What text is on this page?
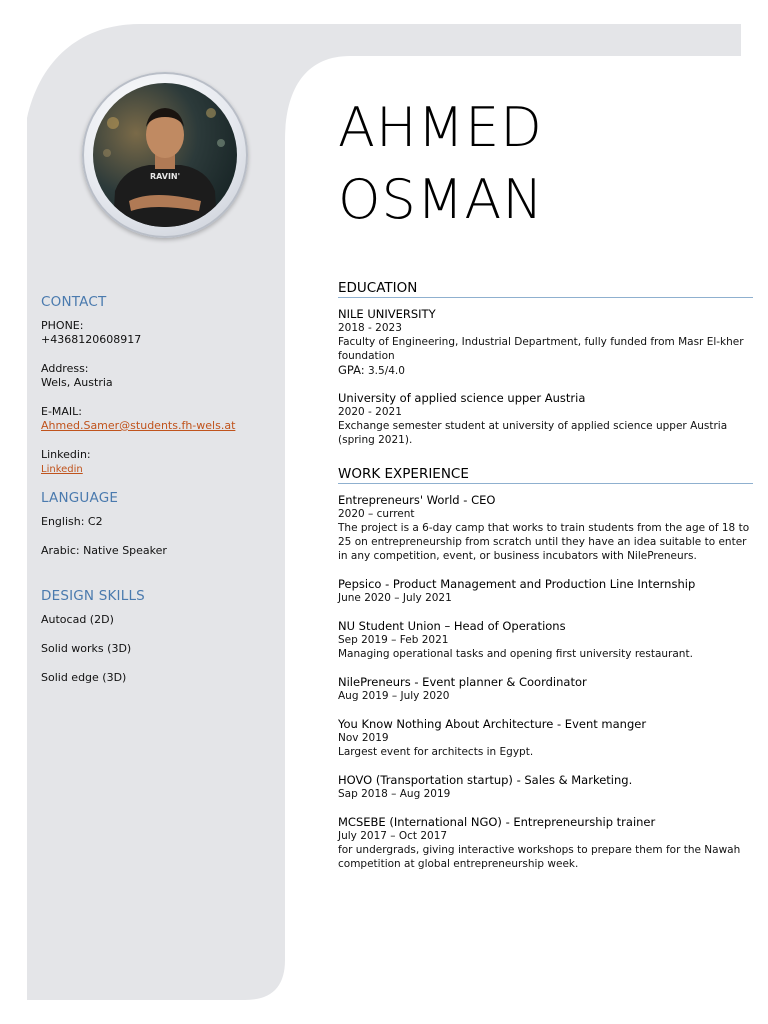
RAVIN'
AHMED
OSMAN
CONTACT

PHONE:

+4368120608917

Address:

Wels, Austria

E-MAIL:

Ahmed.Samer@students.fh-wels.at

Linkedin:

Linkedin

LANGUAGE

English: C2

Arabic: Native Speaker

DESIGN SKILLS

Autocad (2D)

Solid works (3D)

Solid edge (3D)

EDUCATION

NILE UNIVERSITY

2018 - 2023

Faculty of Engineering, Industrial Department, fully funded from Masr El-kher foundation

GPA: 3.5/4.0

University of applied science upper Austria

2020 - 2021

Exchange semester student at university of applied science upper Austria (spring 2021).

WORK EXPERIENCE

Entrepreneurs' World - CEO

2020 – current

The project is a 6-day camp that works to train students from the age of 18 to 25 on entrepreneurship from scratch until they have an idea suitable to enter in any competition, event, or business incubators with NilePreneurs.

Pepsico - Product Management and Production Line Internship

June 2020 – July 2021

NU Student Union – Head of Operations

Sep 2019 – Feb 2021

Managing operational tasks and opening first university restaurant.

NilePreneurs - Event planner & Coordinator

Aug 2019 – July 2020

You Know Nothing About Architecture - Event manger

Nov 2019

Largest event for architects in Egypt.

HOVO (Transportation startup) - Sales & Marketing.

Sap 2018 – Aug 2019

MCSEBE (International NGO) - Entrepreneurship trainer

July 2017 – Oct 2017

for undergrads, giving interactive workshops to prepare them for the Nawah competition at global entrepreneurship week.
